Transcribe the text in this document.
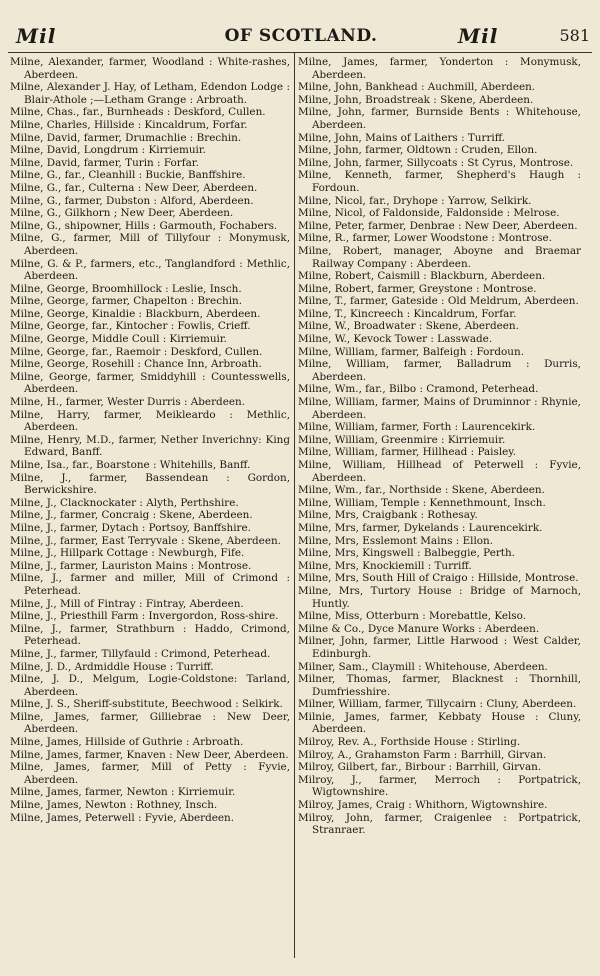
Mil	OF SCOTLAND.	Mil	581

Milne, Alexander, farmer, Woodland : White-rashes, Aberdeen.

Milne, Alexander J. Hay, of Letham, Edendon Lodge : Blair-Athole ;—Letham Grange : Arbroath.

Milne, Chas., far., Burnheads : Deskford, Cullen.

Milne, Charles, Hillside : Kincaldrum, Forfar.

Milne, David, farmer, Drumachlie : Brechin.

Milne, David, Longdrum : Kirriemuir.

Milne, David, farmer, Turin : Forfar.

Milne, G., far., Cleanhill : Buckie, Banffshire.

Milne, G., far., Culterna : New Deer, Aberdeen.

Milne, G., farmer, Dubston : Alford, Aberdeen.

Milne, G., Gilkhorn ; New Deer, Aberdeen.

Milne, G., shipowner, Hills : Garmouth, Fochabers.

Milne, G., farmer, Mill of Tillyfour : Monymusk, Aberdeen.

Milne, G. & P., farmers, etc., Tanglandford : Methlic, Aberdeen.

Milne, George, Broomhillock : Leslie, Insch.

Milne, George, farmer, Chapelton : Brechin.

Milne, George, Kinaldie : Blackburn, Aberdeen.

Milne, George, far., Kintocher : Fowlis, Crieff.

Milne, George, Middle Coull : Kirriemuir.

Milne, George, far., Raemoir : Deskford, Cullen.

Milne, George, Rosehill : Chance Inn, Arbroath.

Milne, George, farmer, Smiddyhill : Countesswells, Aberdeen.

Milne, H., farmer, Wester Durris : Aberdeen.

Milne, Harry, farmer, Meikleardo : Methlic, Aberdeen.

Milne, Henry, M.D., farmer, Nether Inverichny: King Edward, Banff.

Milne, Isa., far., Boarstone : Whitehills, Banff.

Milne, J., farmer, Bassendean : Gordon, Berwickshire.

Milne, J., Clacknockater : Alyth, Perthshire.

Milne, J., farmer, Concraig : Skene, Aberdeen.

Milne, J., farmer, Dytach : Portsoy, Banffshire.

Milne, J., farmer, East Terryvale : Skene, Aberdeen.

Milne, J., Hillpark Cottage : Newburgh, Fife.

Milne, J., farmer, Lauriston Mains : Montrose.

Milne, J., farmer and miller, Mill of Crimond : Peterhead.

Milne, J., Mill of Fintray : Fintray, Aberdeen.

Milne, J., Priesthill Farm : Invergordon, Ross-shire.

Milne, J., farmer, Strathburn : Haddo, Crimond, Peterhead.

Milne, J., farmer, Tillyfauld : Crimond, Peterhead.

Milne, J. D., Ardmiddle House : Turriff.

Milne, J. D., Melgum, Logie-Coldstone: Tarland, Aberdeen.

Milne, J. S., Sheriff-substitute, Beechwood : Selkirk.

Milne, James, farmer, Gilliebrae : New Deer, Aberdeen.

Milne, James, Hillside of Guthrie : Arbroath.

Milne, James, farmer, Knaven : New Deer, Aberdeen.

Milne, James, farmer, Mill of Petty : Fyvie, Aberdeen.

Milne, James, farmer, Newton : Kirriemuir.

Milne, James, Newton : Rothney, Insch.

Milne, James, Peterwell : Fyvie, Aberdeen.

Milne, James, farmer, Yonderton : Monymusk, Aberdeen.

Milne, John, Bankhead : Auchmill, Aberdeen.

Milne, John, Broadstreak : Skene, Aberdeen.

Milne, John, farmer, Burnside Bents : Whitehouse, Aberdeen.

Milne, John, Mains of Laithers : Turriff.

Milne, John, farmer, Oldtown : Cruden, Ellon.

Milne, John, farmer, Sillycoats : St Cyrus, Montrose.

Milne, Kenneth, farmer, Shepherd's Haugh : Fordoun.

Milne, Nicol, far., Dryhope : Yarrow, Selkirk.

Milne, Nicol, of Faldonside, Faldonside : Melrose.

Milne, Peter, farmer, Denbrae : New Deer, Aberdeen.

Milne, R., farmer, Lower Woodstone : Montrose.

Milne, Robert, manager, Aboyne and Braemar Railway Company : Aberdeen.

Milne, Robert, Caismill : Blackburn, Aberdeen.

Milne, Robert, farmer, Greystone : Montrose.

Milne, T., farmer, Gateside : Old Meldrum, Aberdeen.

Milne, T., Kincreech : Kincaldrum, Forfar.

Milne, W., Broadwater : Skene, Aberdeen.

Milne, W., Kevock Tower : Lasswade.

Milne, William, farmer, Balfeigh : Fordoun.

Milne, William, farmer, Balladrum : Durris, Aberdeen.

Milne, Wm., far., Bilbo : Cramond, Peterhead.

Milne, William, farmer, Mains of Druminnor : Rhynie, Aberdeen.

Milne, William, farmer, Forth : Laurencekirk.

Milne, William, Greenmire : Kirriemuir.

Milne, William, farmer, Hillhead : Paisley.

Milne, William, Hillhead of Peterwell : Fyvie, Aberdeen.

Milne, Wm., far., Northside : Skene, Aberdeen.

Milne, William, Temple : Kennethmount, Insch.

Milne, Mrs, Craigbank : Rothesay.

Milne, Mrs, farmer, Dykelands : Laurencekirk.

Milne, Mrs, Esslemont Mains : Ellon.

Milne, Mrs, Kingswell : Balbeggie, Perth.

Milne, Mrs, Knockiemill : Turriff.

Milne, Mrs, South Hill of Craigo : Hillside, Montrose.

Milne, Mrs, Turtory House : Bridge of Marnoch, Huntly.

Milne, Miss, Otterburn : Morebattle, Kelso.

Milne & Co., Dyce Manure Works : Aberdeen.

Milner, John, farmer, Little Harwood : West Calder, Edinburgh.

Milner, Sam., Claymill : Whitehouse, Aberdeen.

Milner, Thomas, farmer, Blacknest : Thornhill, Dumfriesshire.

Milner, William, farmer, Tillycairn : Cluny, Aberdeen.

Milnie, James, farmer, Kebbaty House : Cluny, Aberdeen.

Milroy, Rev. A., Forthside House : Stirling.

Milroy, A., Grahamston Farm : Barrhill, Girvan.

Milroy, Gilbert, far., Birbour : Barrhill, Girvan.

Milroy, J., farmer, Merroch : Portpatrick, Wigtownshire.

Milroy, James, Craig : Whithorn, Wigtownshire.

Milroy, John, farmer, Craigenlee : Portpatrick, Stranraer.
